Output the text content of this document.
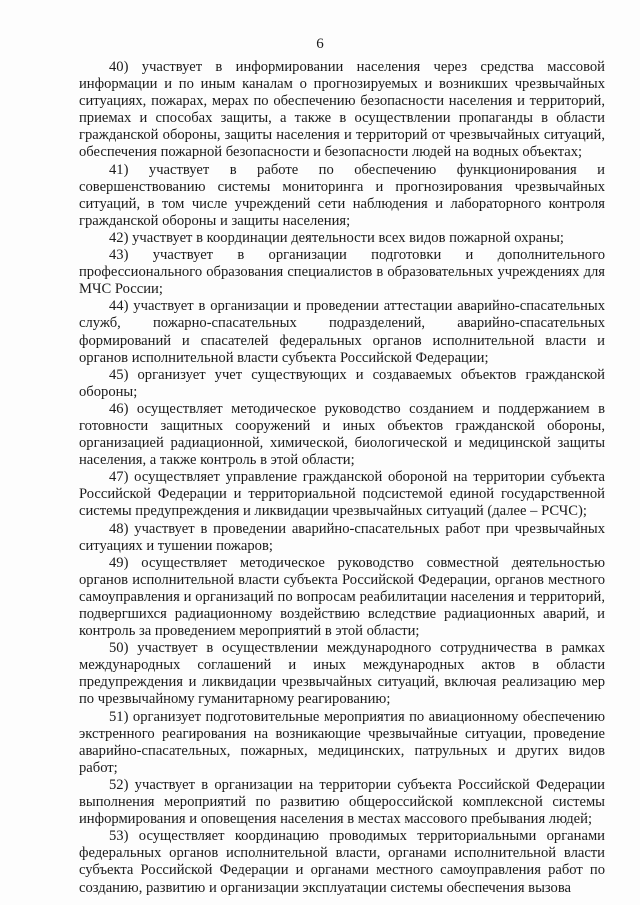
6

40) участвует в информировании населения через средства массовой информации и по иным каналам о прогнозируемых и возникших чрезвычайных ситуациях, пожарах, мерах по обеспечению безопасности населения и территорий, приемах и способах защиты, а также в осуществлении пропаганды в области гражданской обороны, защиты населения и территорий от чрезвычайных ситуаций, обеспечения пожарной безопасности и безопасности людей на водных объектах;

41) участвует в работе по обеспечению функционирования и совершенствованию системы мониторинга и прогнозирования чрезвычайных ситуаций, в том числе учреждений сети наблюдения и лабораторного контроля гражданской обороны и защиты населения;

42) участвует в координации деятельности всех видов пожарной охраны;

43) участвует в организации подготовки и дополнительного профессионального образования специалистов в образовательных учреждениях для МЧС России;

44) участвует в организации и проведении аттестации аварийно-спасательных служб, пожарно-спасательных подразделений, аварийно-спасательных формирований и спасателей федеральных органов исполнительной власти и органов исполнительной власти субъекта Российской Федерации;

45) организует учет существующих и создаваемых объектов гражданской обороны;

46) осуществляет методическое руководство созданием и поддержанием в готовности защитных сооружений и иных объектов гражданской обороны, организацией радиационной, химической, биологической и медицинской защиты населения, а также контроль в этой области;

47) осуществляет управление гражданской обороной на территории субъекта Российской Федерации и территориальной подсистемой единой государственной системы предупреждения и ликвидации чрезвычайных ситуаций (далее – РСЧС);

48) участвует в проведении аварийно-спасательных работ при чрезвычайных ситуациях и тушении пожаров;

49) осуществляет методическое руководство совместной деятельностью органов исполнительной власти субъекта Российской Федерации, органов местного самоуправления и организаций по вопросам реабилитации населения и территорий, подвергшихся радиационному воздействию вследствие радиационных аварий, и контроль за проведением мероприятий в этой области;

50) участвует в осуществлении международного сотрудничества в рамках международных соглашений и иных международных актов в области предупреждения и ликвидации чрезвычайных ситуаций, включая реализацию мер по чрезвычайному гуманитарному реагированию;

51) организует подготовительные мероприятия по авиационному обеспечению экстренного реагирования на возникающие чрезвычайные ситуации, проведение аварийно-спасательных, пожарных, медицинских, патрульных и других видов работ;

52) участвует в организации на территории субъекта Российской Федерации выполнения мероприятий по развитию общероссийской комплексной системы информирования и оповещения населения в местах массового пребывания людей;

53) осуществляет координацию проводимых территориальными органами федеральных органов исполнительной власти, органами исполнительной власти субъекта Российской Федерации и органами местного самоуправления работ по созданию, развитию и организации эксплуатации системы обеспечения вызова
